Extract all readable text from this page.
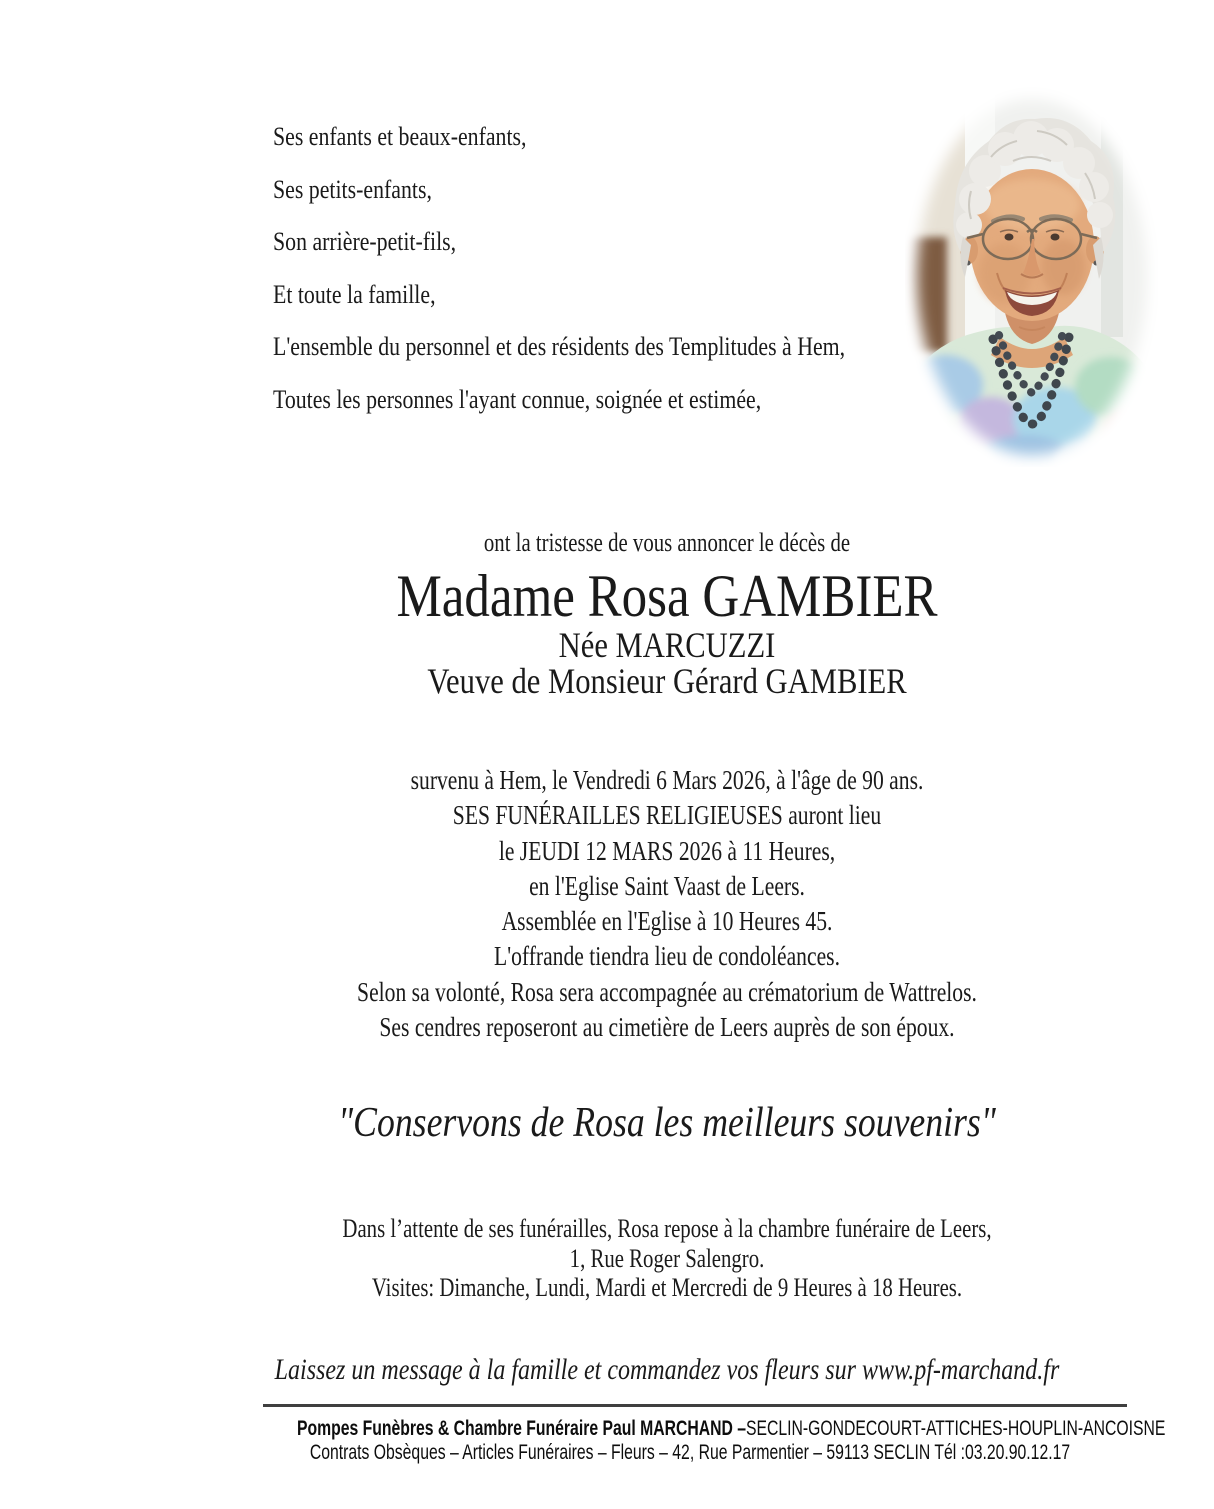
Ses enfants et beaux-enfants,

Ses petits-enfants,

Son arrière-petit-fils,

Et toute la famille,

L'ensemble du personnel et des résidents des Templitudes à Hem,

Toutes les personnes l'ayant connue, soignée et estimée,

ont la tristesse de vous annoncer le décès de
Madame Rosa GAMBIER
Née MARCUZZI
Veuve de Monsieur Gérard GAMBIER

survenu à Hem, le Vendredi 6 Mars 2026, à l'âge de 90 ans.

SES FUNÉRAILLES RELIGIEUSES auront lieu

le JEUDI 12 MARS 2026 à 11 Heures,

en l'Eglise Saint Vaast de Leers.

Assemblée en l'Eglise à 10 Heures 45.

L'offrande tiendra lieu de condoléances.

Selon sa volonté, Rosa sera accompagnée au crématorium de Wattrelos.

Ses cendres reposeront au cimetière de Leers auprès de son époux.

"Conservons de Rosa les meilleurs souvenirs"

Dans l’attente de ses funérailles, Rosa repose à la chambre funéraire de Leers,

1, Rue Roger Salengro.

Visites: Dimanche, Lundi, Mardi et Mercredi de 9 Heures à 18 Heures.

Laissez un message à la famille et commandez vos fleurs sur www.pf-marchand.fr
Pompes Funèbres & Chambre Funéraire Paul MARCHAND –SECLIN-GONDECOURT-ATTICHES-HOUPLIN-ANCOISNE
Contrats Obsèques – Articles Funéraires – Fleurs – 42, Rue Parmentier – 59113 SECLIN Tél :03.20.90.12.17
